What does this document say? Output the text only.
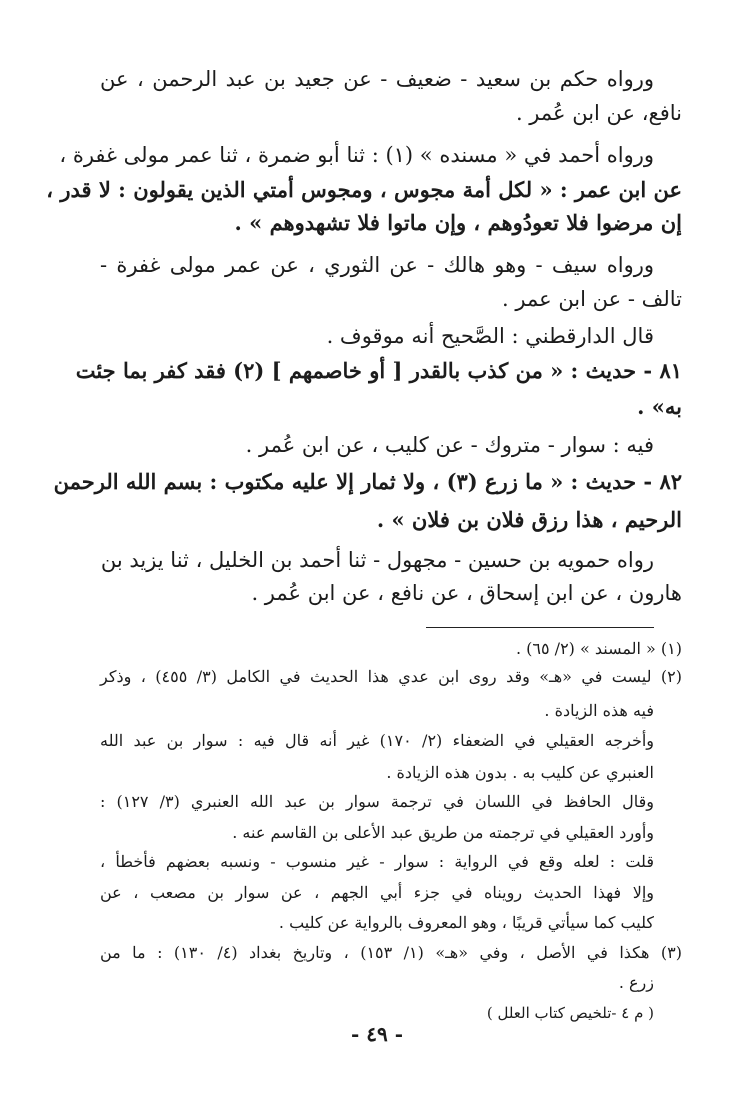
ورواه حكم بن سعيد - ضعيف - عن جعيد بن عبد الرحمن ، عن
نافع، عن ابن عُمر .
ورواه أحمد في « مسنده » (١) : ثنا أبو ضمرة ، ثنا عمر مولى غفرة ،
عن ابن عمر : « لكل أمة مجوس ، ومجوس أمتي الذين يقولون : لا قدر ،
إن مرضوا فلا تعودُوهم ، وإن ماتوا فلا تشهدوهم » .
ورواه سيف - وهو هالك - عن الثوري ، عن عمر مولى غفرة -
تالف - عن ابن عمر .
قال الدارقطني : الصَّحيح أنه موقوف .
٨١ - حديث : « من كذب بالقدر [ أو خاصمهم ] (٢) فقد كفر بما جئت
به» .
فيه : سوار - متروك - عن كليب ، عن ابن عُمر .
٨٢ - حديث : « ما زرع (٣) ، ولا ثمار إلا عليه مكتوب : بسم الله الرحمن
الرحيم ، هذا رزق فلان بن فلان » .
رواه حمويه بن حسين - مجهول - ثنا أحمد بن الخليل ، ثنا يزيد بن
هارون ، عن ابن إسحاق ، عن نافع ، عن ابن عُمر .
(١) « المسند » (٢/ ٦٥) .
(٢) ليست في «هـ» وقد روى ابن عدي هذا الحديث في الكامل (٣/ ٤٥٥) ، وذكر
فيه هذه الزيادة .
وأخرجه العقيلي في الضعفاء (٢/ ١٧٠) غير أنه قال فيه : سوار بن عبد الله
العنبري عن كليب به . بدون هذه الزيادة .
وقال الحافظ في اللسان في ترجمة سوار بن عبد الله العنبري (٣/ ١٢٧) :
وأورد العقيلي في ترجمته من طريق عبد الأعلى بن القاسم عنه .
قلت : لعله وقع في الرواية : سوار - غير منسوب - ونسبه بعضهم فأخطأ ،
وإلا فهذا الحديث رويناه في جزء أبي الجهم ، عن سوار بن مصعب ، عن
كليب كما سيأتي قريبًا ، وهو المعروف بالرواية عن كليب .
(٣) هكذا في الأصل ، وفي «هـ» (١/ ١٥٣) ، وتاريخ بغداد (٤/ ١٣٠) : ما من
زرع .
( م ٤ -تلخيص كتاب العلل )
- ٤٩ -
